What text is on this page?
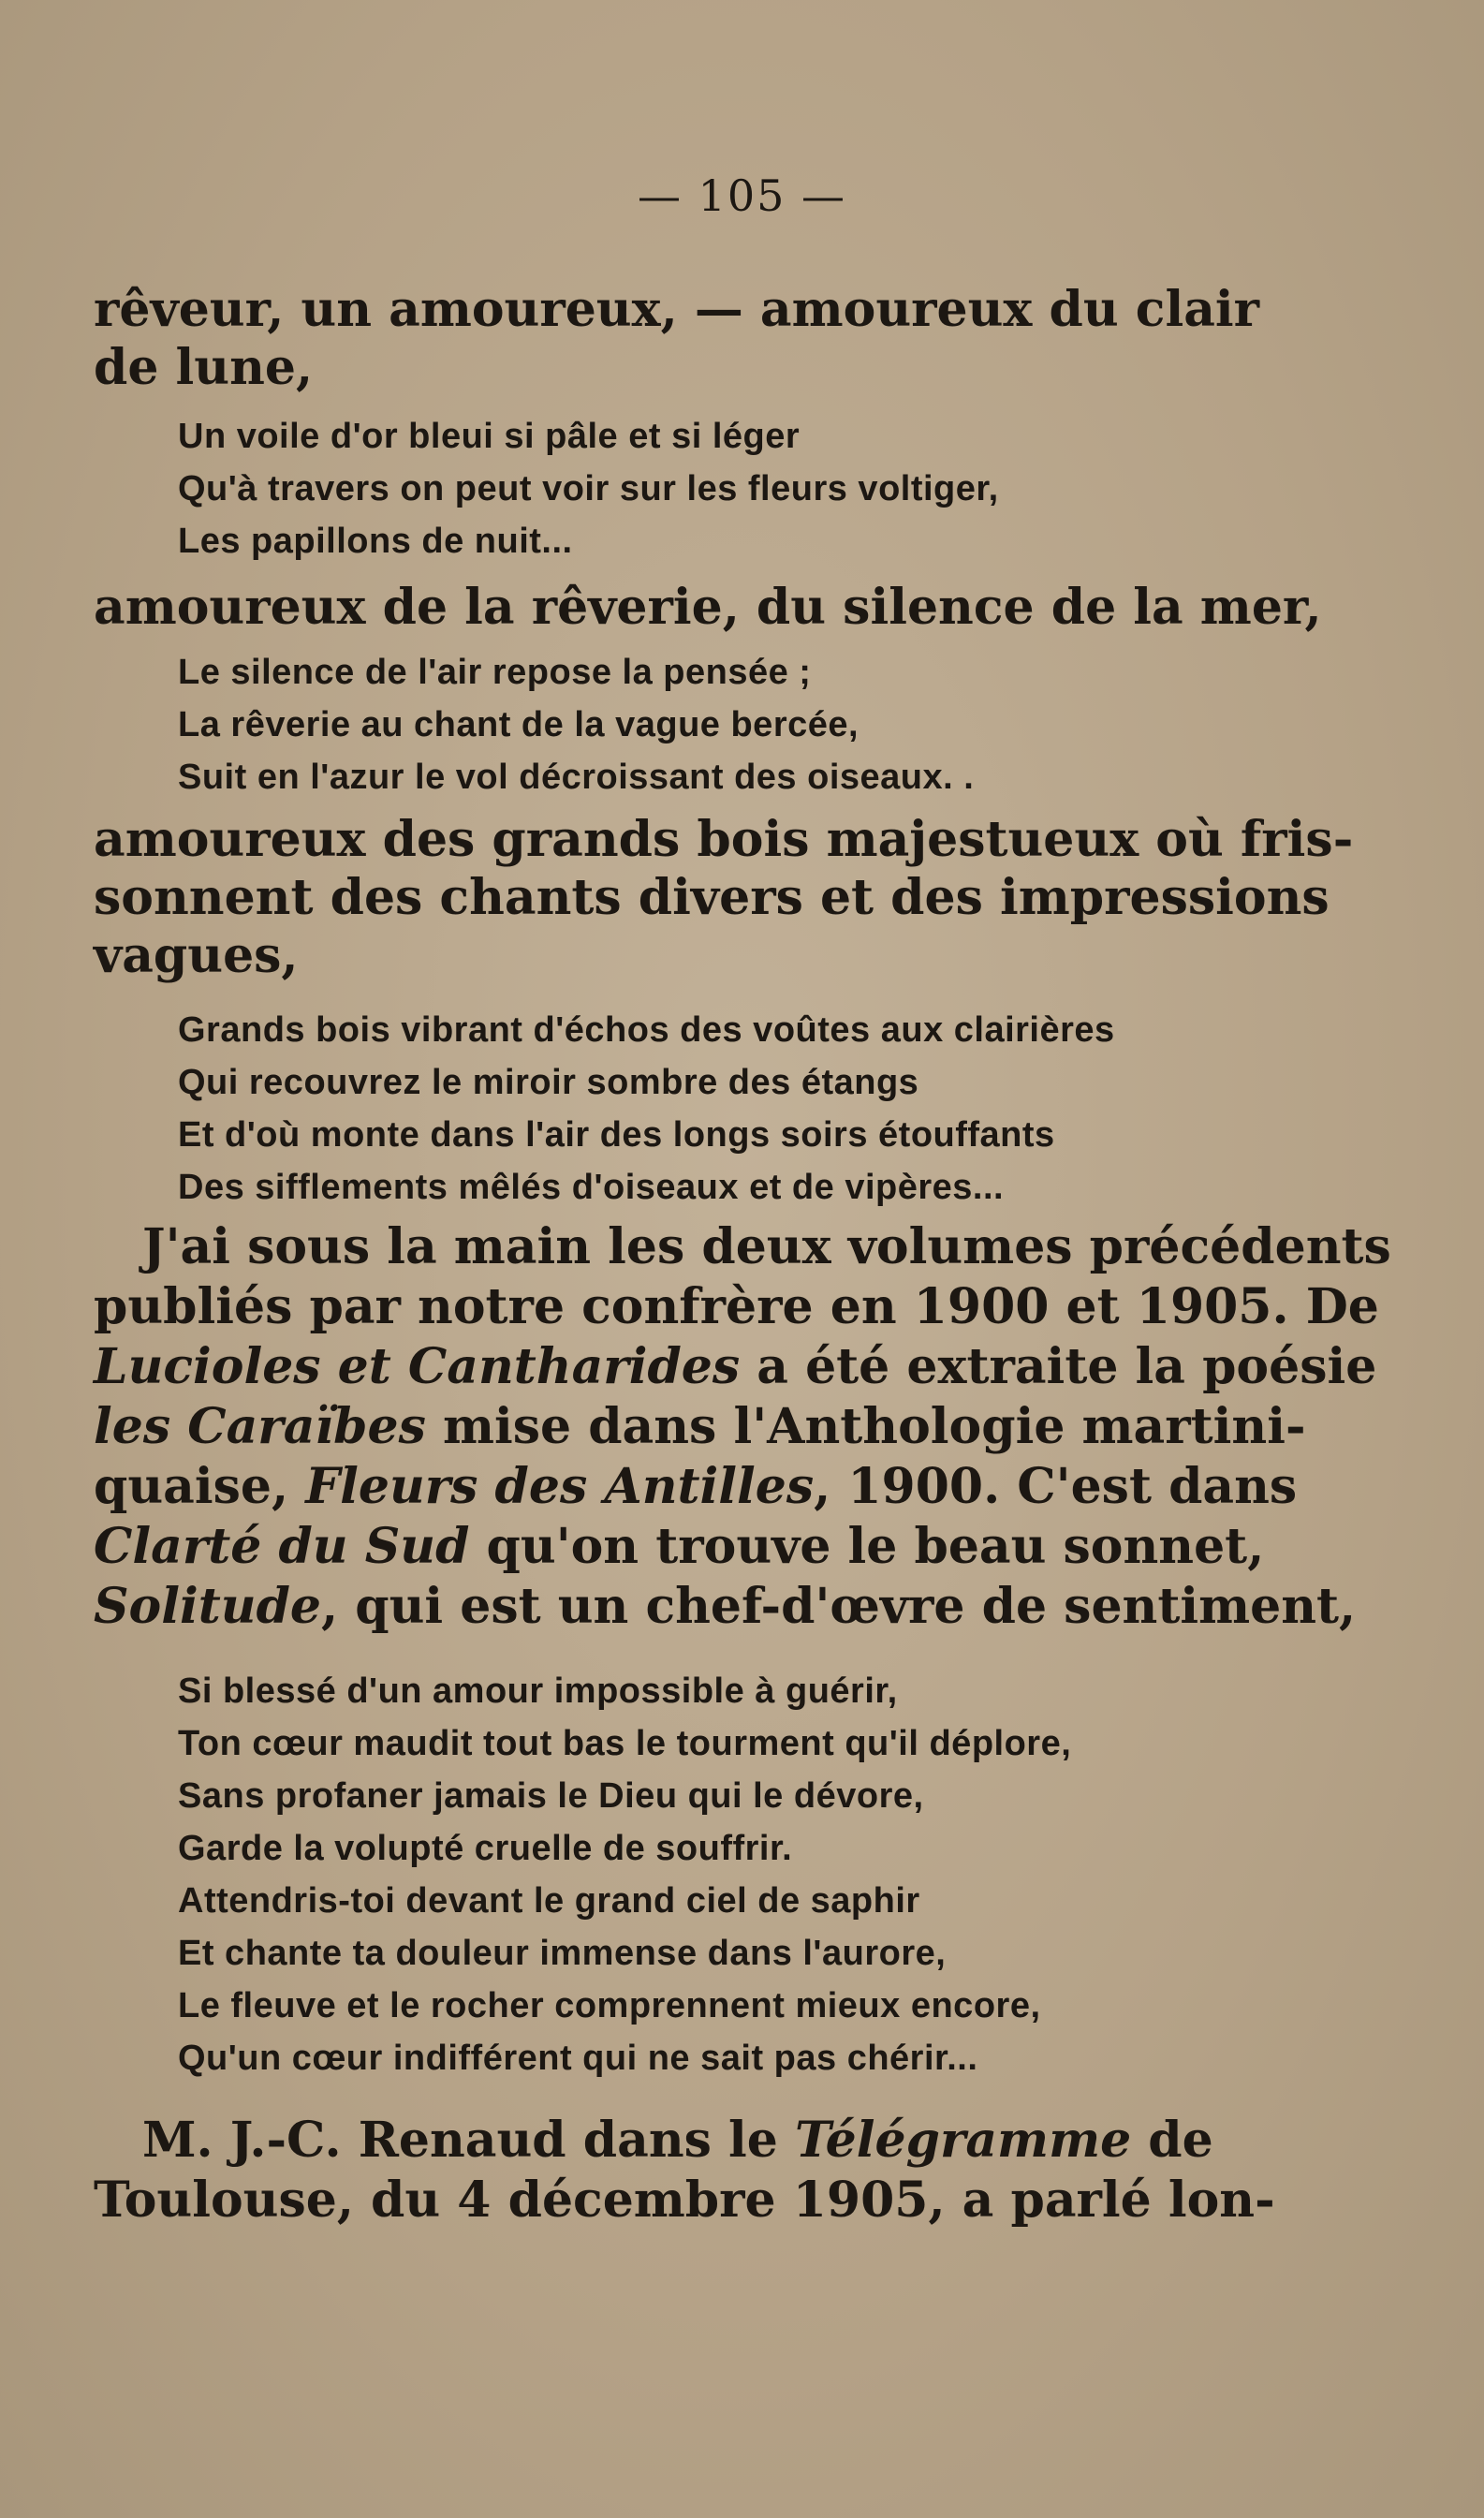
— 105 —

rêveur, un amoureux, — amoureux du clair
de lune,

Un voile d'or bleui si pâle et si léger
Qu'à travers on peut voir sur les fleurs voltiger,
Les papillons de nuit...

amoureux de la rêverie, du silence de la mer,

Le silence de l'air repose la pensée ;
La rêverie au chant de la vague bercée,
Suit en l'azur le vol décroissant des oiseaux. .

amoureux des grands bois majestueux où fris-
sonnent des chants divers et des impressions
vagues,

Grands bois vibrant d'échos des voûtes aux clairières
Qui recouvrez le miroir sombre des étangs
Et d'où monte dans l'air des longs soirs étouffants
Des sifflements mêlés d'oiseaux et de vipères...

J'ai sous la main les deux volumes précédents
publiés par notre confrère en 1900 et 1905. De
Lucioles et Cantharides a été extraite la poésie
les Caraïbes mise dans l'Anthologie martini-
quaise, Fleurs des Antilles, 1900. C'est dans
Clarté du Sud qu'on trouve le beau sonnet,
Solitude, qui est un chef-d'œvre de sentiment,

Si blessé d'un amour impossible à guérir,
Ton cœur maudit tout bas le tourment qu'il déplore,
Sans profaner jamais le Dieu qui le dévore,
Garde la volupté cruelle de souffrir.
Attendris-toi devant le grand ciel de saphir
Et chante ta douleur immense dans l'aurore,
Le fleuve et le rocher comprennent mieux encore,
Qu'un cœur indifférent qui ne sait pas chérir...

M. J.-C. Renaud dans le Télégramme de
Toulouse, du 4 décembre 1905, a parlé lon-
